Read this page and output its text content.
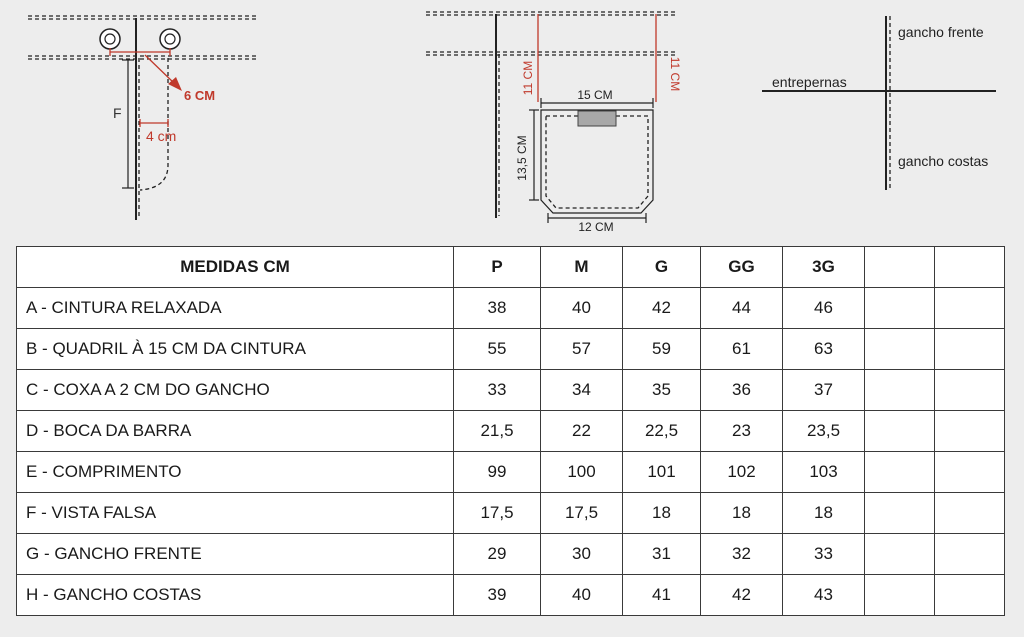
F
4 cm
6 CM
11 CM	11 CM
15 CM
13,5 CM
12 CM
gancho frente
entrepernas
gancho costas
MEDIDAS CM	P	M	G	GG	3G		
A - CINTURA RELAXADA	38	40	42	44	46		
B - QUADRIL À 15 CM DA CINTURA	55	57	59	61	63		
C - COXA A 2 CM DO GANCHO	33	34	35	36	37		
D - BOCA DA BARRA	21,5	22	22,5	23	23,5		
E - COMPRIMENTO	99	100	101	102	103		
F - VISTA FALSA	17,5	17,5	18	18	18		
G - GANCHO FRENTE	29	30	31	32	33		
H - GANCHO COSTAS	39	40	41	42	43		
